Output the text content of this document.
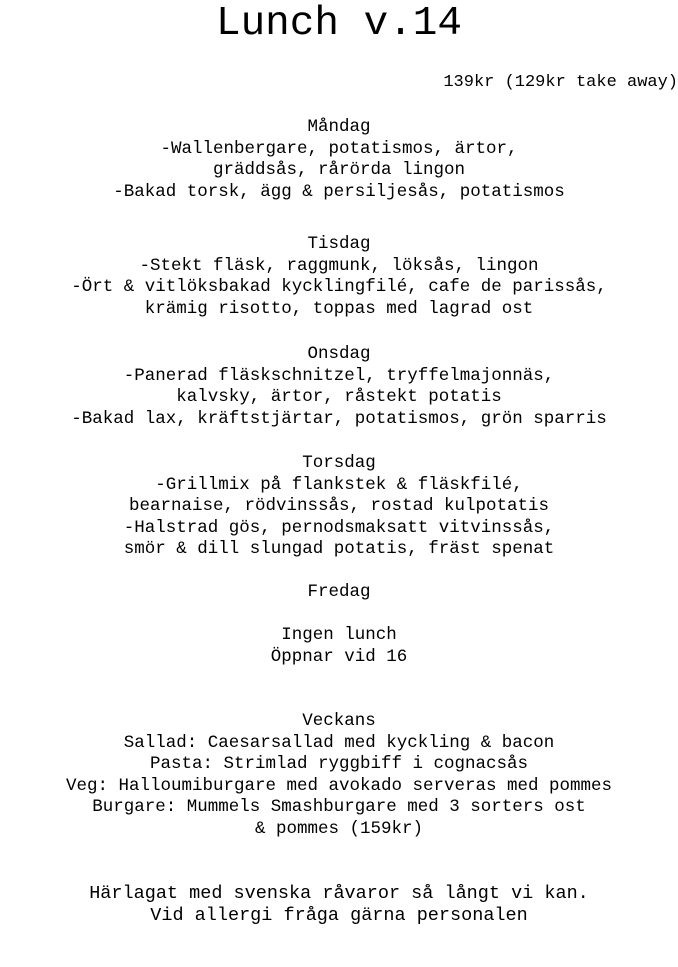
Lunch v.14
139kr (129kr take away)
Måndag
-Wallenbergare, potatismos, ärtor,
gräddsås, rårörda lingon
-Bakad torsk, ägg & persiljesås, potatismos
Tisdag
-Stekt fläsk, raggmunk, löksås, lingon
-Ört & vitlöksbakad kycklingfilé, cafe de parissås,
krämig risotto, toppas med lagrad ost
Onsdag
-Panerad fläskschnitzel, tryffelmajonnäs,
kalvsky, ärtor, råstekt potatis
-Bakad lax, kräftstjärtar, potatismos, grön sparris
Torsdag
-Grillmix på flankstek & fläskfilé,
bearnaise, rödvinssås, rostad kulpotatis
-Halstrad gös, pernodsmaksatt vitvinssås,
smör & dill slungad potatis, fräst spenat
Fredag
Ingen lunch
Öppnar vid 16
Veckans
Sallad: Caesarsallad med kyckling & bacon
Pasta: Strimlad ryggbiff i cognacsås
Veg: Halloumiburgare med avokado serveras med pommes
Burgare: Mummels Smashburgare med 3 sorters ost
& pommes (159kr)
Härlagat med svenska råvaror så långt vi kan.
Vid allergi fråga gärna personalen
